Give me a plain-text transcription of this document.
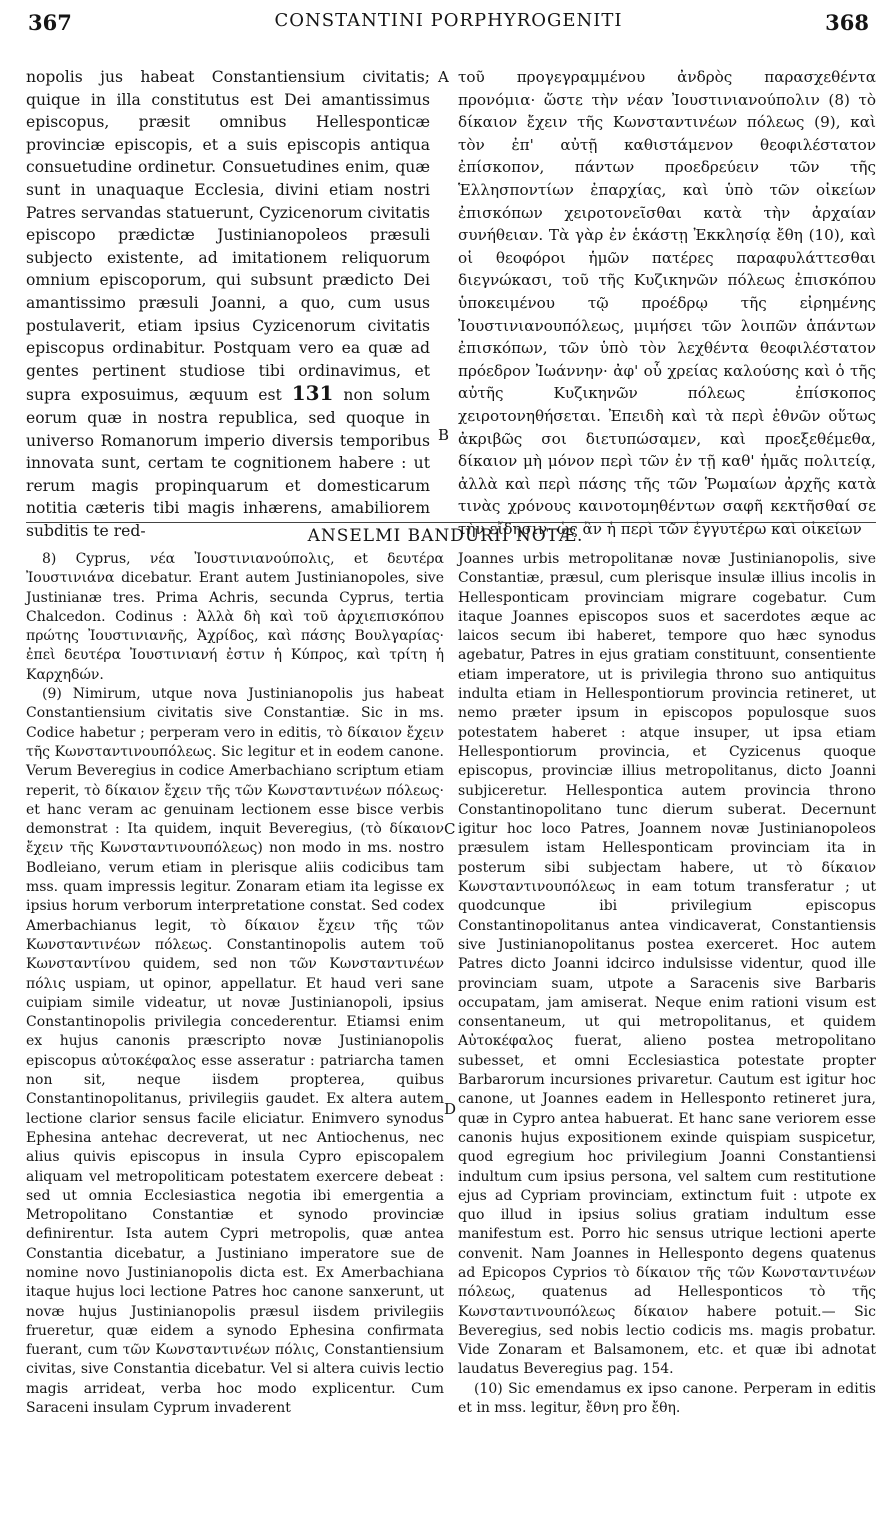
367	CONSTANTINI PORPHYROGENITI	368

nopolis jus habeat Constantiensium civitatis; quique in illa constitutus est Dei amantissimus episcopus, præsit omnibus Hellesponticæ provinciæ episcopis, et a suis episcopis antiqua consuetudine ordinetur. Consuetudines enim, quæ sunt in unaquaque Ecclesia, divini etiam nostri Patres servandas statuerunt, Cyzicenorum civitatis episcopo prædictæ Justinianopoleos præsuli subjecto existente, ad imitationem reliquorum omnium episcoporum, qui subsunt prædicto Dei amantissimo præsuli Joanni, a quo, cum usus postulaverit, etiam ipsius Cyzicenorum civitatis episcopus ordinabitur. Postquam vero ea quæ ad gentes pertinent studiose tibi ordinavimus, et supra exposuimus, æquum est 131 non solum eorum quæ in nostra republica, sed quoque in universo Romanorum imperio diversis temporibus innovata sunt, certam te cognitionem habere : ut rerum magis propinquarum et domesticarum notitia cæteris tibi magis inhærens, amabiliorem subditis te red-

A
B
C
D

τοῦ προγεγραμμένου ἀνδρὸς παρασχεθέντα προνόμια· ὥστε τὴν νέαν Ἰουστινιανούπολιν (8) τὸ δίκαιον ἔχειν τῆς Κωνσταντινέων πόλεως (9), καὶ τὸν ἐπ' αὐτῇ καθιστάμενον θεοφιλέστατον ἐπίσκοπον, πάντων προεδρεύειν τῶν τῆς Ἑλλησποντίων ἐπαρχίας, καὶ ὑπὸ τῶν οἰκείων ἐπισκόπων χειροτονεῖσθαι κατὰ τὴν ἀρχαίαν συνήθειαν. Τὰ γὰρ ἐν ἑκάστῃ Ἐκκλησίᾳ ἔθη (10), καὶ οἱ θεοφόροι ἡμῶν πατέρες παραφυλάττεσθαι διεγνώκασι, τοῦ τῆς Κυζικηνῶν πόλεως ἐπισκόπου ὑποκειμένου τῷ προέδρῳ τῆς εἰρημένης Ἰουστινιανουπόλεως, μιμήσει τῶν λοιπῶν ἁπάντων ἐπισκόπων, τῶν ὑπὸ τὸν λεχθέντα θεοφιλέστατον πρόεδρον Ἰωάννην· ἀφ' οὗ χρείας καλούσης καὶ ὁ τῆς αὐτῆς Κυζικηνῶν πόλεως ἐπίσκοπος χειροτονηθήσεται. Ἐπειδὴ καὶ τὰ περὶ ἐθνῶν οὕτως ἀκριβῶς σοι διετυπώσαμεν, καὶ προεξεθέμεθα, δίκαιον μὴ μόνον περὶ τῶν ἐν τῇ καθ' ἡμᾶς πολιτείᾳ, ἀλλὰ καὶ περὶ πάσης τῆς τῶν Ῥωμαίων ἀρχῆς κατὰ τινὰς χρόνους καινοτομηθέντων σαφῆ κεκτῆσθαί σε τὴν εἴδησιν· ὡς ἂν ἡ περὶ τῶν ἐγγυτέρω καὶ οἰκείων

ANSELMI BANDURII NOTÆ.

8) Cyprus, νέα Ἰουστινιανούπολις, et δευτέρα Ἰουστινιάνα dicebatur. Erant autem Justinianopoles, sive Justinianæ tres. Prima Achris, secunda Cyprus, tertia Chalcedon. Codinus : Ἀλλὰ δὴ καὶ τοῦ ἀρχιεπισκόπου πρώτης Ἰουστινιανῆς, Ἀχρίδος, καὶ πάσης Βουλγαρίας· ἐπεὶ δευτέρα Ἰουστινιανή ἐστιν ἡ Κύπρος, καὶ τρίτη ἡ Καρχηδών.

(9) Nimirum, utque nova Justinianopolis jus habeat Constantiensium civitatis sive Constantiæ. Sic in ms. Codice habetur ; perperam vero in editis, τὸ δίκαιον ἔχειν τῆς Κωνσταντινουπόλεως. Sic legitur et in eodem canone. Verum Beveregius in codice Amerbachiano scriptum etiam reperit, τὸ δίκαιον ἔχειν τῆς τῶν Κωνσταντινέων πόλεως· et hanc veram ac genuinam lectionem esse bisce verbis demonstrat : Ita quidem, inquit Beveregius, (τὸ δίκαιον ἔχειν τῆς Κωνσταντινουπόλεως) non modo in ms. nostro Bodleiano, verum etiam in plerisque aliis codicibus tam mss. quam impressis legitur. Zonaram etiam ita legisse ex ipsius horum verborum interpretatione constat. Sed codex Amerbachianus legit, τὸ δίκαιον ἔχειν τῆς τῶν Κωνσταντινέων πόλεως. Constantinopolis autem τοῦ Κωνσταντίνου quidem, sed non τῶν Κωνσταντινέων πόλις uspiam, ut opinor, appellatur. Et haud veri sane cuipiam simile videatur, ut novæ Justinianopoli, ipsius Constantinopolis privilegia concederentur. Etiamsi enim ex hujus canonis præscripto novæ Justinianopolis episcopus αὐτοκέφαλος esse asseratur : patriarcha tamen non sit, neque iisdem propterea, quibus Constantinopolitanus, privilegiis gaudet. Ex altera autem lectione clarior sensus facile eliciatur. Enimvero synodus Ephesina antehac decreverat, ut nec Antiochenus, nec alius quivis episcopus in insula Cypro episcopalem aliquam vel metropoliticam potestatem exercere debeat : sed ut omnia Ecclesiastica negotia ibi emergentia a Metropolitano Constantiæ et synodo provinciæ definirentur. Ista autem Cypri metropolis, quæ antea Constantia dicebatur, a Justiniano imperatore sue de nomine novo Justinianopolis dicta est. Ex Amerbachiana itaque hujus loci lectione Patres hoc canone sanxerunt, ut novæ hujus Justinianopolis præsul iisdem privilegiis frueretur, quæ eidem a synodo Ephesina confirmata fuerant, cum τῶν Κωνσταντινέων πόλις, Constantiensium civitas, sive Constantia dicebatur. Vel si altera cuivis lectio magis arrideat, verba hoc modo explicentur. Cum Saraceni insulam Cyprum invaderent

Joannes urbis metropolitanæ novæ Justinianopolis, sive Constantiæ, præsul, cum plerisque insulæ illius incolis in Hellesponticam provinciam migrare cogebatur. Cum itaque Joannes episcopos suos et sacerdotes æque ac laicos secum ibi haberet, tempore quo hæc synodus agebatur, Patres in ejus gratiam constituunt, consentiente etiam imperatore, ut is privilegia throno suo antiquitus indulta etiam in Hellespontiorum provincia retineret, ut nemo præter ipsum in episcopos populosque suos potestatem haberet : atque insuper, ut ipsa etiam Hellespontiorum provincia, et Cyzicenus quoque episcopus, provinciæ illius metropolitanus, dicto Joanni subjiceretur. Hellespontica autem provincia throno Constantinopolitano tunc dierum suberat. Decernunt igitur hoc loco Patres, Joannem novæ Justinianopoleos præsulem istam Hellesponticam provinciam ita in posterum sibi subjectam habere, ut τὸ δίκαιον Κωνσταντινουπόλεως in eam totum transferatur ; ut quodcunque ibi privilegium episcopus Constantinopolitanus antea vindicaverat, Constantiensis sive Justinianopolitanus postea exerceret. Hoc autem Patres dicto Joanni idcirco indulsisse videntur, quod ille provinciam suam, utpote a Saracenis sive Barbaris occupatam, jam amiserat. Neque enim rationi visum est consentaneum, ut qui metropolitanus, et quidem Αὐτοκέφαλος fuerat, alieno postea metropolitano subesset, et omni Ecclesiastica potestate propter Barbarorum incursiones privaretur. Cautum est igitur hoc canone, ut Joannes eadem in Hellesponto retineret jura, quæ in Cypro antea habuerat. Et hanc sane veriorem esse canonis hujus expositionem exinde quispiam suspicetur, quod egregium hoc privilegium Joanni Constantiensi indultum cum ipsius persona, vel saltem cum restitutione ejus ad Cypriam provinciam, extinctum fuit : utpote ex quo illud in ipsius solius gratiam indultum esse manifestum est. Porro hic sensus utrique lectioni aperte convenit. Nam Joannes in Hellesponto degens quatenus ad Epicopos Cyprios τὸ δίκαιον τῆς τῶν Κωνσταντινέων πόλεως, quatenus ad Hellesponticos τὸ τῆς Κωνσταντινουπόλεως δίκαιον habere potuit.— Sic Beveregius, sed nobis lectio codicis ms. magis probatur. Vide Zonaram et Balsamonem, etc. et quæ ibi adnotat laudatus Beveregius pag. 154.

(10) Sic emendamus ex ipso canone. Perperam in editis et in mss. legitur, ἔθνη pro ἔθη.
